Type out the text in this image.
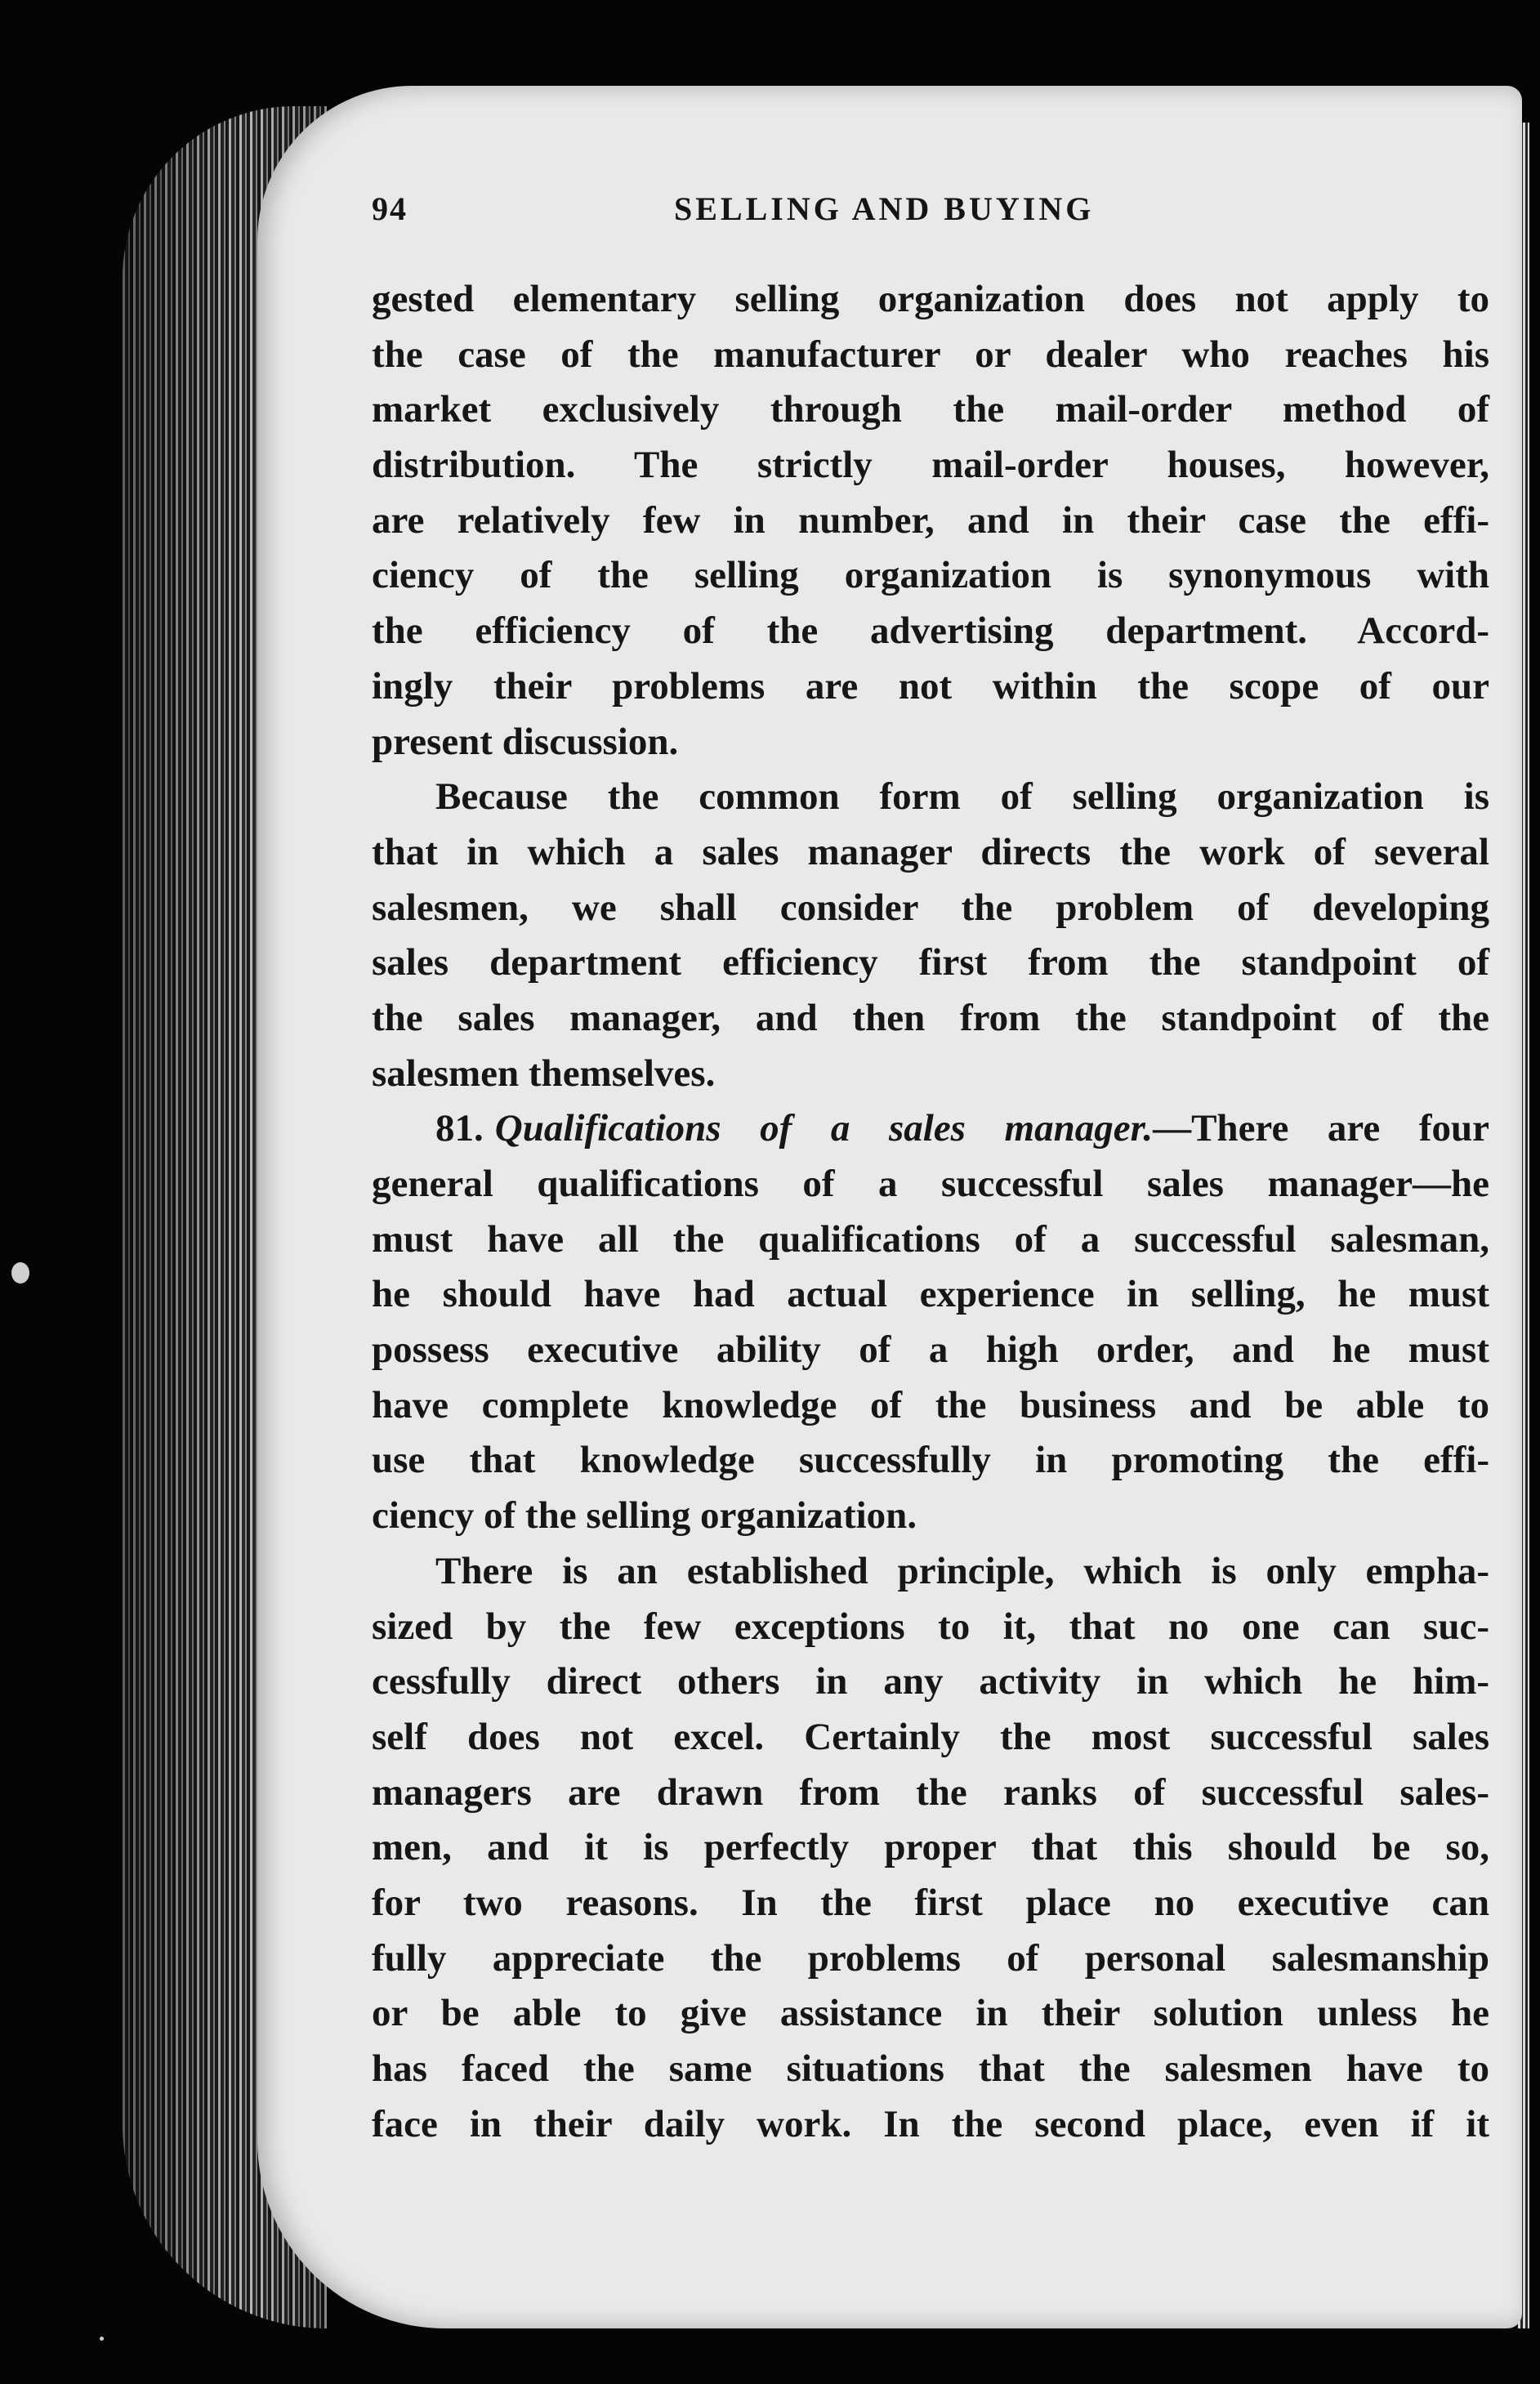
94	SELLING AND BUYING
gested elementary selling organization does not apply to
the case of the manufacturer or dealer who reaches his
market exclusively through the mail-order method of
distribution. The strictly mail-order houses, however,
are relatively few in number, and in their case the effi-
ciency of the selling organization is synonymous with
the efficiency of the advertising department. Accord-
ingly their problems are not within the scope of our
present discussion.
Because the common form of selling organization is
that in which a sales manager directs the work of several
salesmen, we shall consider the problem of developing
sales department efficiency first from the standpoint of
the sales manager, and then from the standpoint of the
salesmen themselves.
81. Qualifications of a sales manager.—There are four
general qualifications of a successful sales manager—he
must have all the qualifications of a successful salesman,
he should have had actual experience in selling, he must
possess executive ability of a high order, and he must
have complete knowledge of the business and be able to
use that knowledge successfully in promoting the effi-
ciency of the selling organization.
There is an established principle, which is only empha-
sized by the few exceptions to it, that no one can suc-
cessfully direct others in any activity in which he him-
self does not excel. Certainly the most successful sales
managers are drawn from the ranks of successful sales-
men, and it is perfectly proper that this should be so,
for two reasons. In the first place no executive can
fully appreciate the problems of personal salesmanship
or be able to give assistance in their solution unless he
has faced the same situations that the salesmen have to
face in their daily work. In the second place, even if it
